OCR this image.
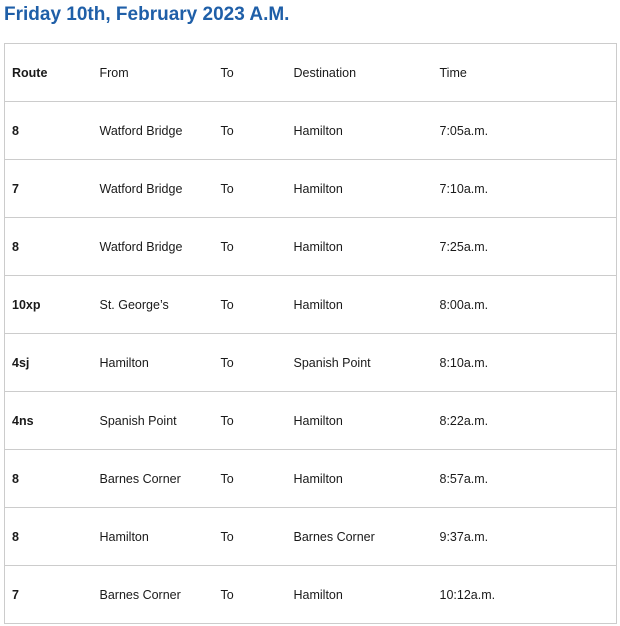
Friday 10th, February 2023 A.M.
Route	From	To	Destination	Time
8	Watford Bridge	To	Hamilton	7:05a.m.
7	Watford Bridge	To	Hamilton	7:10a.m.
8	Watford Bridge	To	Hamilton	7:25a.m.
10xp	St. George’s	To	Hamilton	8:00a.m.
4sj	Hamilton	To	Spanish Point	8:10a.m.
4ns	Spanish Point	To	Hamilton	8:22a.m.
8	Barnes Corner	To	Hamilton	8:57a.m.
8	Hamilton	To	Barnes Corner	9:37a.m.
7	Barnes Corner	To	Hamilton	10:12a.m.
